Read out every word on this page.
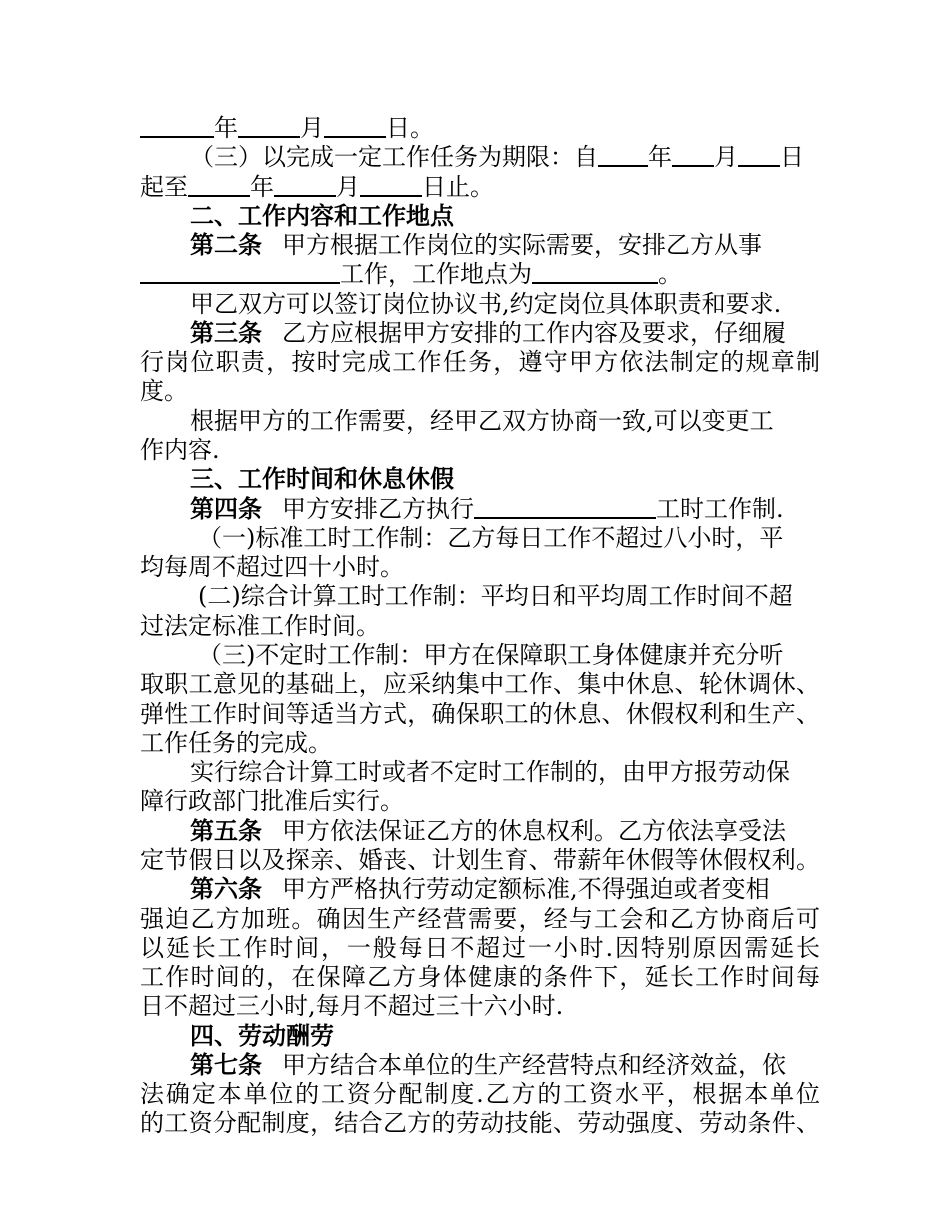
年	月	日。
（三）以完成一定工作任务为期限：自 年 月 日
起至	年	月	日止。
二、工作内容和工作地点
第二条 甲方根据工作岗位的实际需要，安排乙方从事
工作，工作地点为	。
甲乙双方可以签订岗位协议书,约定岗位具体职责和要求.
第三条 乙方应根据甲方安排的工作内容及要求，仔细履
行岗位职责，按时完成工作任务，遵守甲方依法制定的规章制
度。
根据甲方的工作需要，经甲乙双方协商一致,可以变更工
作内容.
三、工作时间和休息休假
第四条 甲方安排乙方执行	工时工作制.
（一)标准工时工作制：乙方每日工作不超过八小时，平
均每周不超过四十小时。
(二)综合计算工时工作制：平均日和平均周工作时间不超
过法定标准工作时间。
（三)不定时工作制：甲方在保障职工身体健康并充分听
取职工意见的基础上，应采纳集中工作、集中休息、轮休调休、
弹性工作时间等适当方式，确保职工的休息、休假权利和生产、
工作任务的完成。
实行综合计算工时或者不定时工作制的，由甲方报劳动保
障行政部门批准后实行。
第五条 甲方依法保证乙方的休息权利。乙方依法享受法
定节假日以及探亲、婚丧、计划生育、带薪年休假等休假权利。
第六条 甲方严格执行劳动定额标准,不得强迫或者变相
强迫乙方加班。确因生产经营需要，经与工会和乙方协商后可
以延长工作时间，一般每日不超过一小时.因特别原因需延长
工作时间的，在保障乙方身体健康的条件下，延长工作时间每
日不超过三小时,每月不超过三十六小时.
四、劳动酬劳
第七条 甲方结合本单位的生产经营特点和经济效益，依
法确定本单位的工资分配制度.乙方的工资水平，根据本单位
的工资分配制度，结合乙方的劳动技能、劳动强度、劳动条件、
